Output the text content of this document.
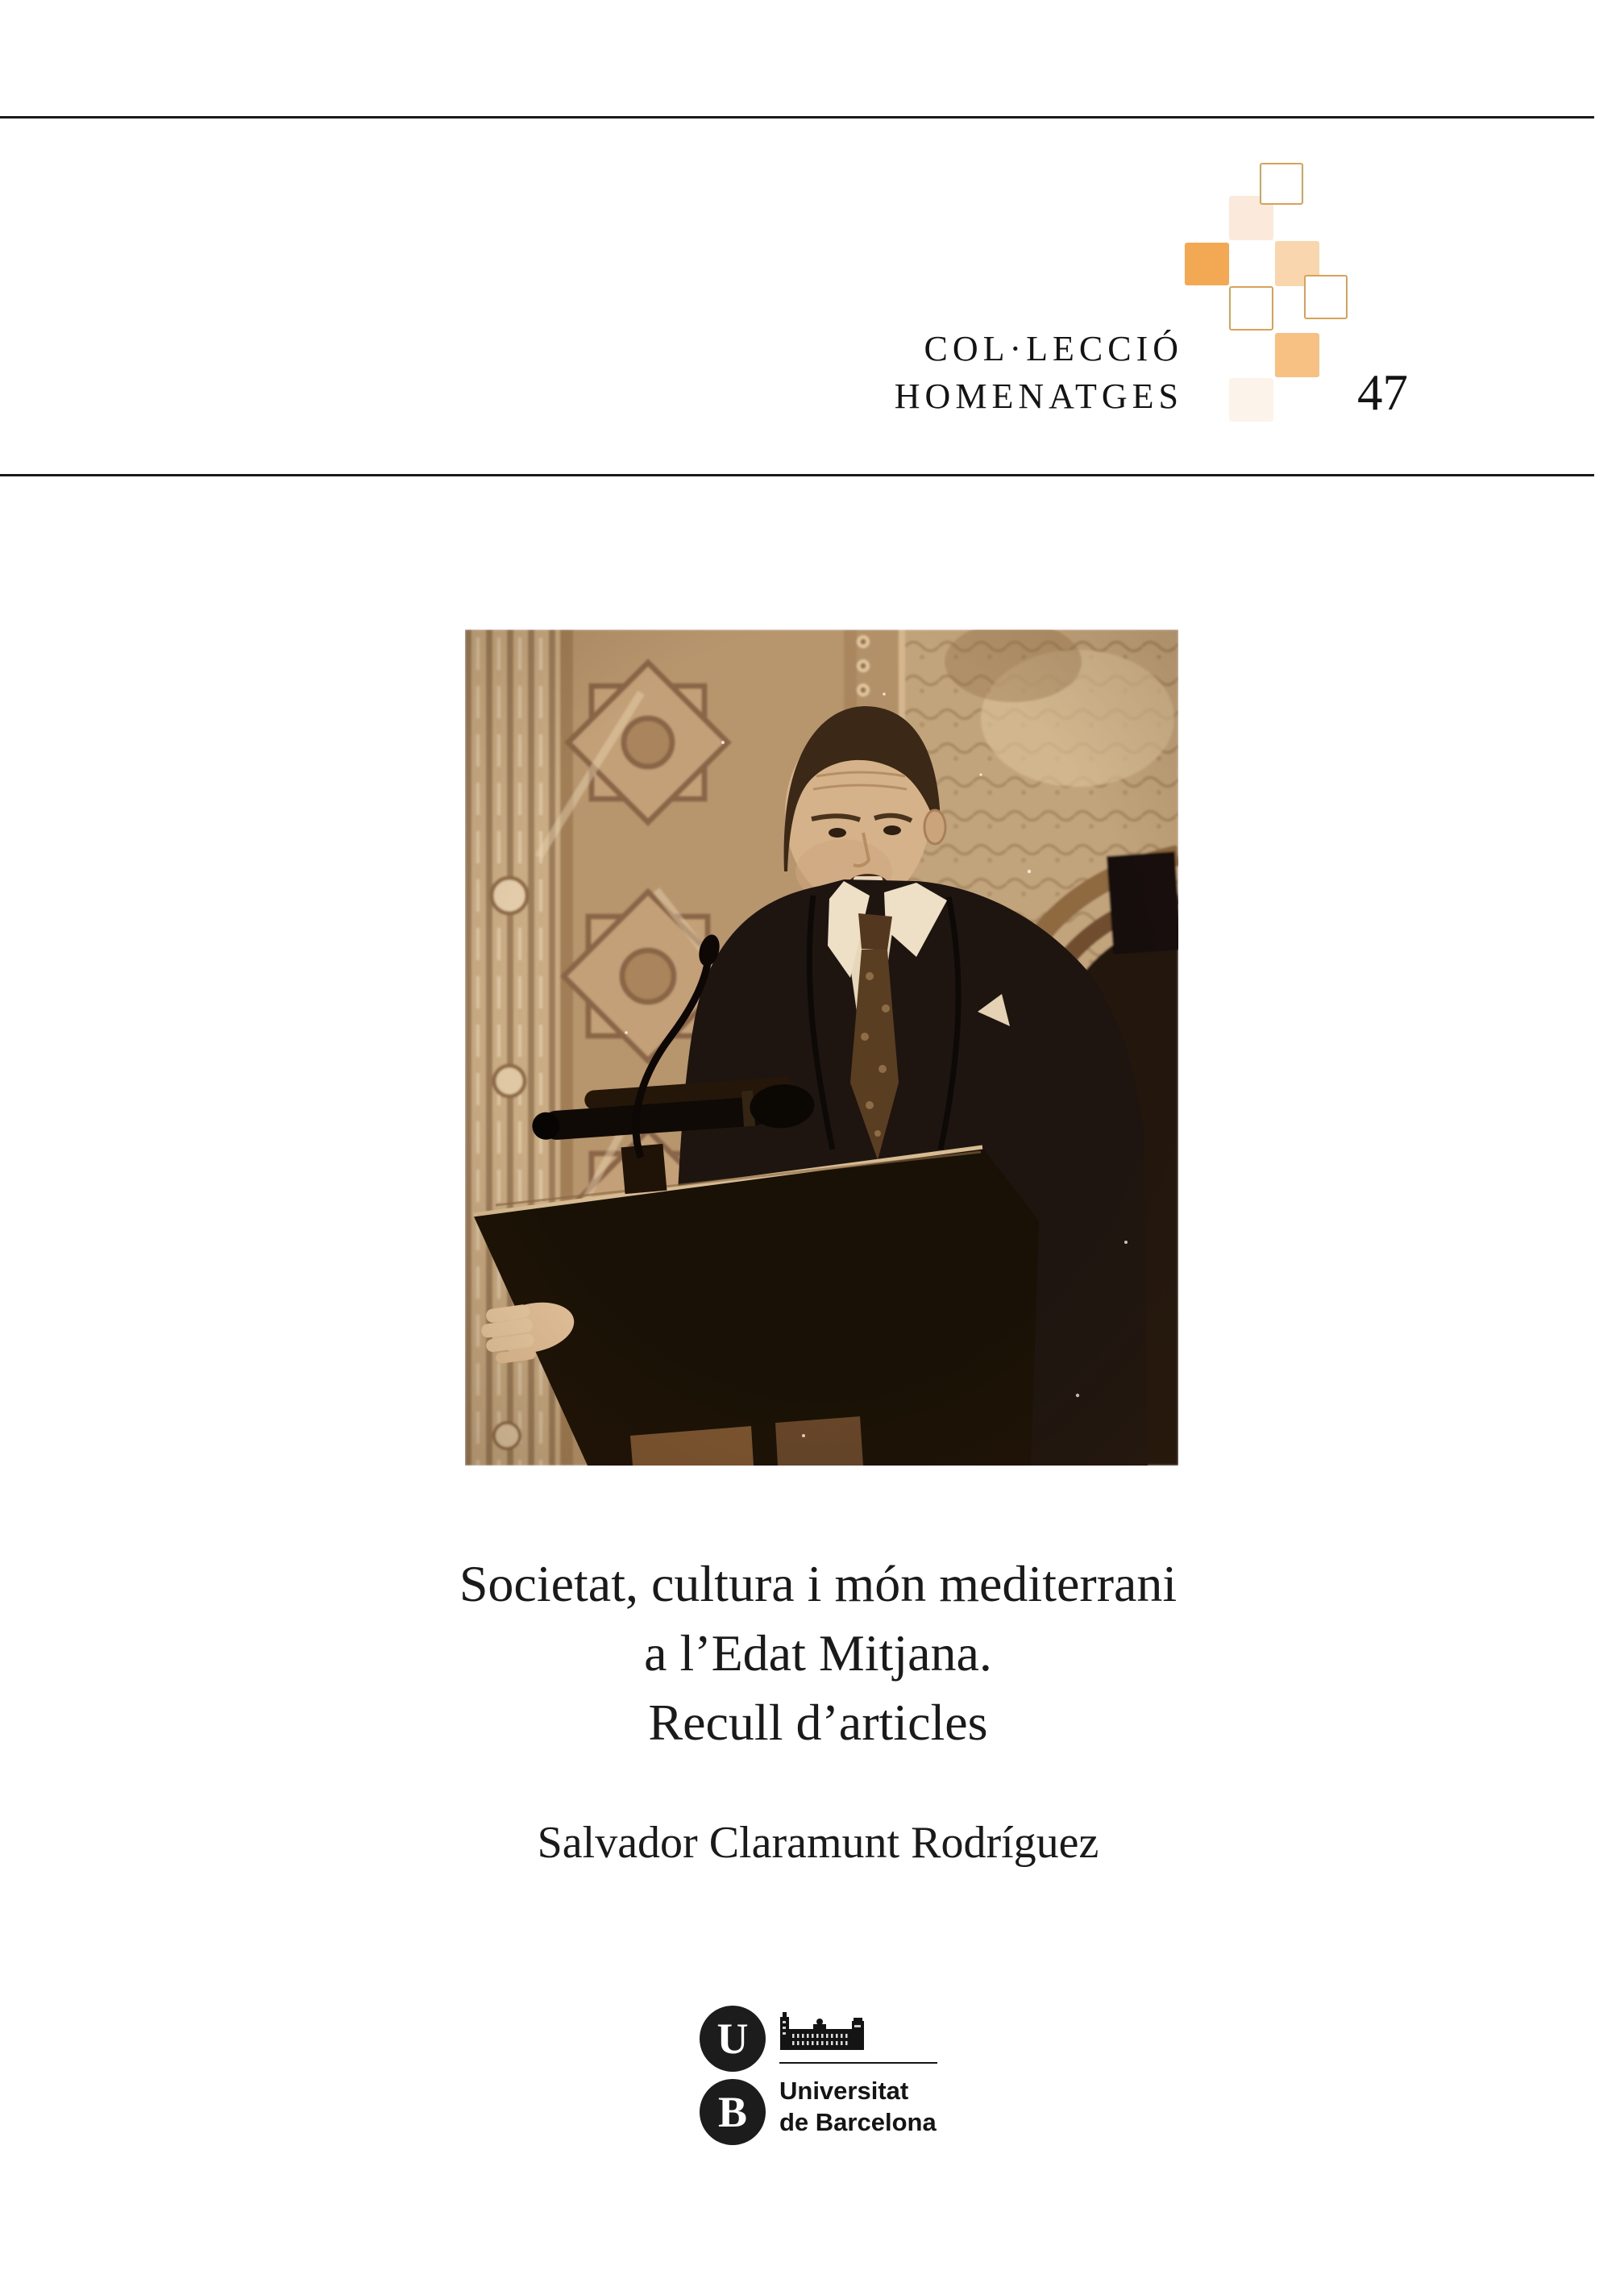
COL·LECCIÓ
HOMENATGES	47
Societat, cultura i món mediterrani
a l’Edat Mitjana.
Recull d’articles
Salvador Claramunt Rodríguez
U
B Universitat
de Barcelona
